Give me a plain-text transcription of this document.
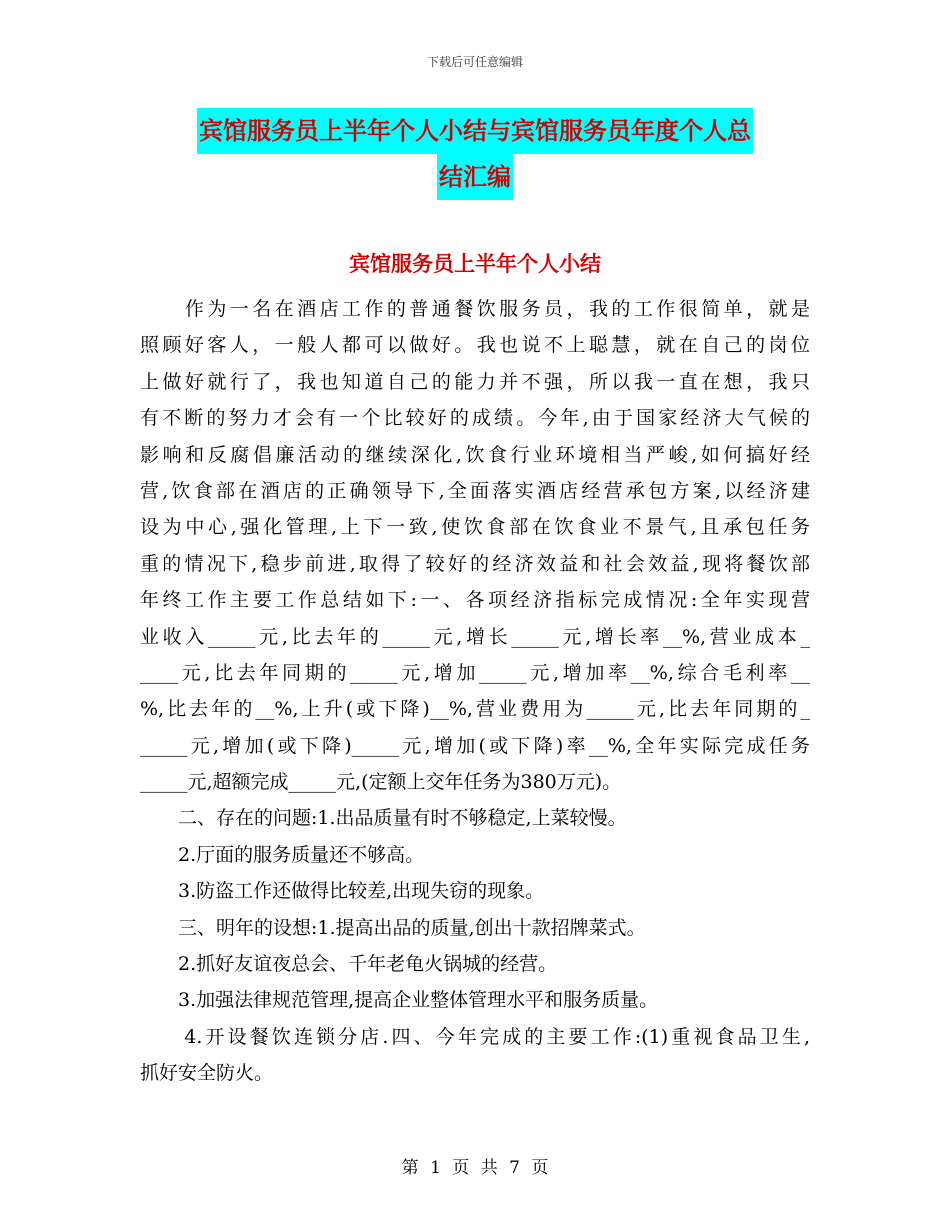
下载后可任意编辑
宾馆服务员上半年个人小结与宾馆服务员年度个人总
结汇编
宾馆服务员上半年个人小结
　　作为一名在酒店工作的普通餐饮服务员，我的工作很简单，就是
照顾好客人，一般人都可以做好。我也说不上聪慧，就在自己的岗位
上做好就行了，我也知道自己的能力并不强，所以我一直在想，我只
有不断的努力才会有一个比较好的成绩。今年,由于国家经济大气候的
影响和反腐倡廉活动的继续深化,饮食行业环境相当严峻,如何搞好经
营,饮食部在酒店的正确领导下,全面落实酒店经营承包方案,以经济建
设为中心,强化管理,上下一致,使饮食部在饮食业不景气,且承包任务
重的情况下,稳步前进,取得了较好的经济效益和社会效益,现将餐饮部
年终工作主要工作总结如下:一、各项经济指标完成情况:全年实现营
业收入_____元,比去年的_____元,增长_____元,增长率__%,营业成本_
____元,比去年同期的_____元,增加_____元,增加率__%,综合毛利率__
%,比去年的__%,上升(或下降)__%,营业费用为_____元,比去年同期的_
_____元,增加(或下降)_____元,增加(或下降)率__%,全年实际完成任务
_____元,超额完成_____元,(定额上交年任务为380万元)。
　　二、存在的问题:1.出品质量有时不够稳定,上菜较慢。
　　2.厅面的服务质量还不够高。
　　3.防盗工作还做得比较差,出现失窃的现象。
　　三、明年的设想:1.提高出品的质量,创出十款招牌菜式。
　　2.抓好友谊夜总会、千年老龟火锅城的经营。
　　3.加强法律规范管理,提高企业整体管理水平和服务质量。
　　4.开设餐饮连锁分店.四、今年完成的主要工作:(1)重视食品卫生,
抓好安全防火。
第 1 页 共 7 页
